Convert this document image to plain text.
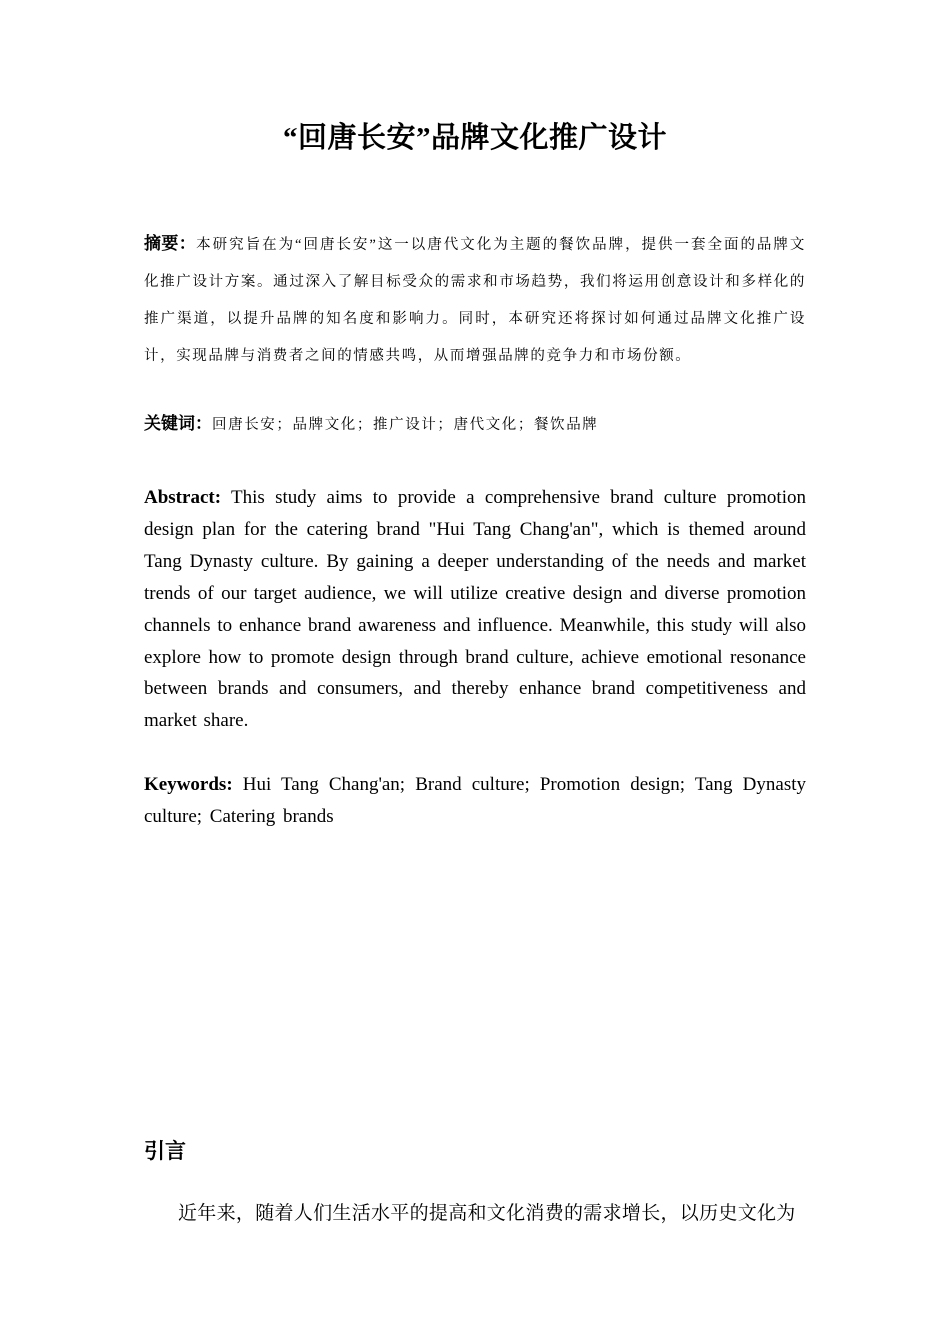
“回唐长安”品牌文化推广设计
摘要：本研究旨在为“回唐长安”这一以唐代文化为主题的餐饮品牌，提供一套全面的品牌文化推广设计方案。通过深入了解目标受众的需求和市场趋势，我们将运用创意设计和多样化的推广渠道，以提升品牌的知名度和影响力。同时，本研究还将探讨如何通过品牌文化推广设计，实现品牌与消费者之间的情感共鸣，从而增强品牌的竞争力和市场份额。
关键词：回唐长安；品牌文化；推广设计；唐代文化；餐饮品牌
Abstract: This study aims to provide a comprehensive brand culture promotion design plan for the catering brand "Hui Tang Chang'an", which is themed around Tang Dynasty culture. By gaining a deeper understanding of the needs and market trends of our target audience, we will utilize creative design and diverse promotion channels to enhance brand awareness and influence. Meanwhile, this study will also explore how to promote design through brand culture, achieve emotional resonance between brands and consumers, and thereby enhance brand competitiveness and market share.
Keywords: Hui Tang Chang'an; Brand culture; Promotion design; Tang Dynasty culture; Catering brands
引言
近年来，随着人们生活水平的提高和文化消费的需求增长，以历史文化为
